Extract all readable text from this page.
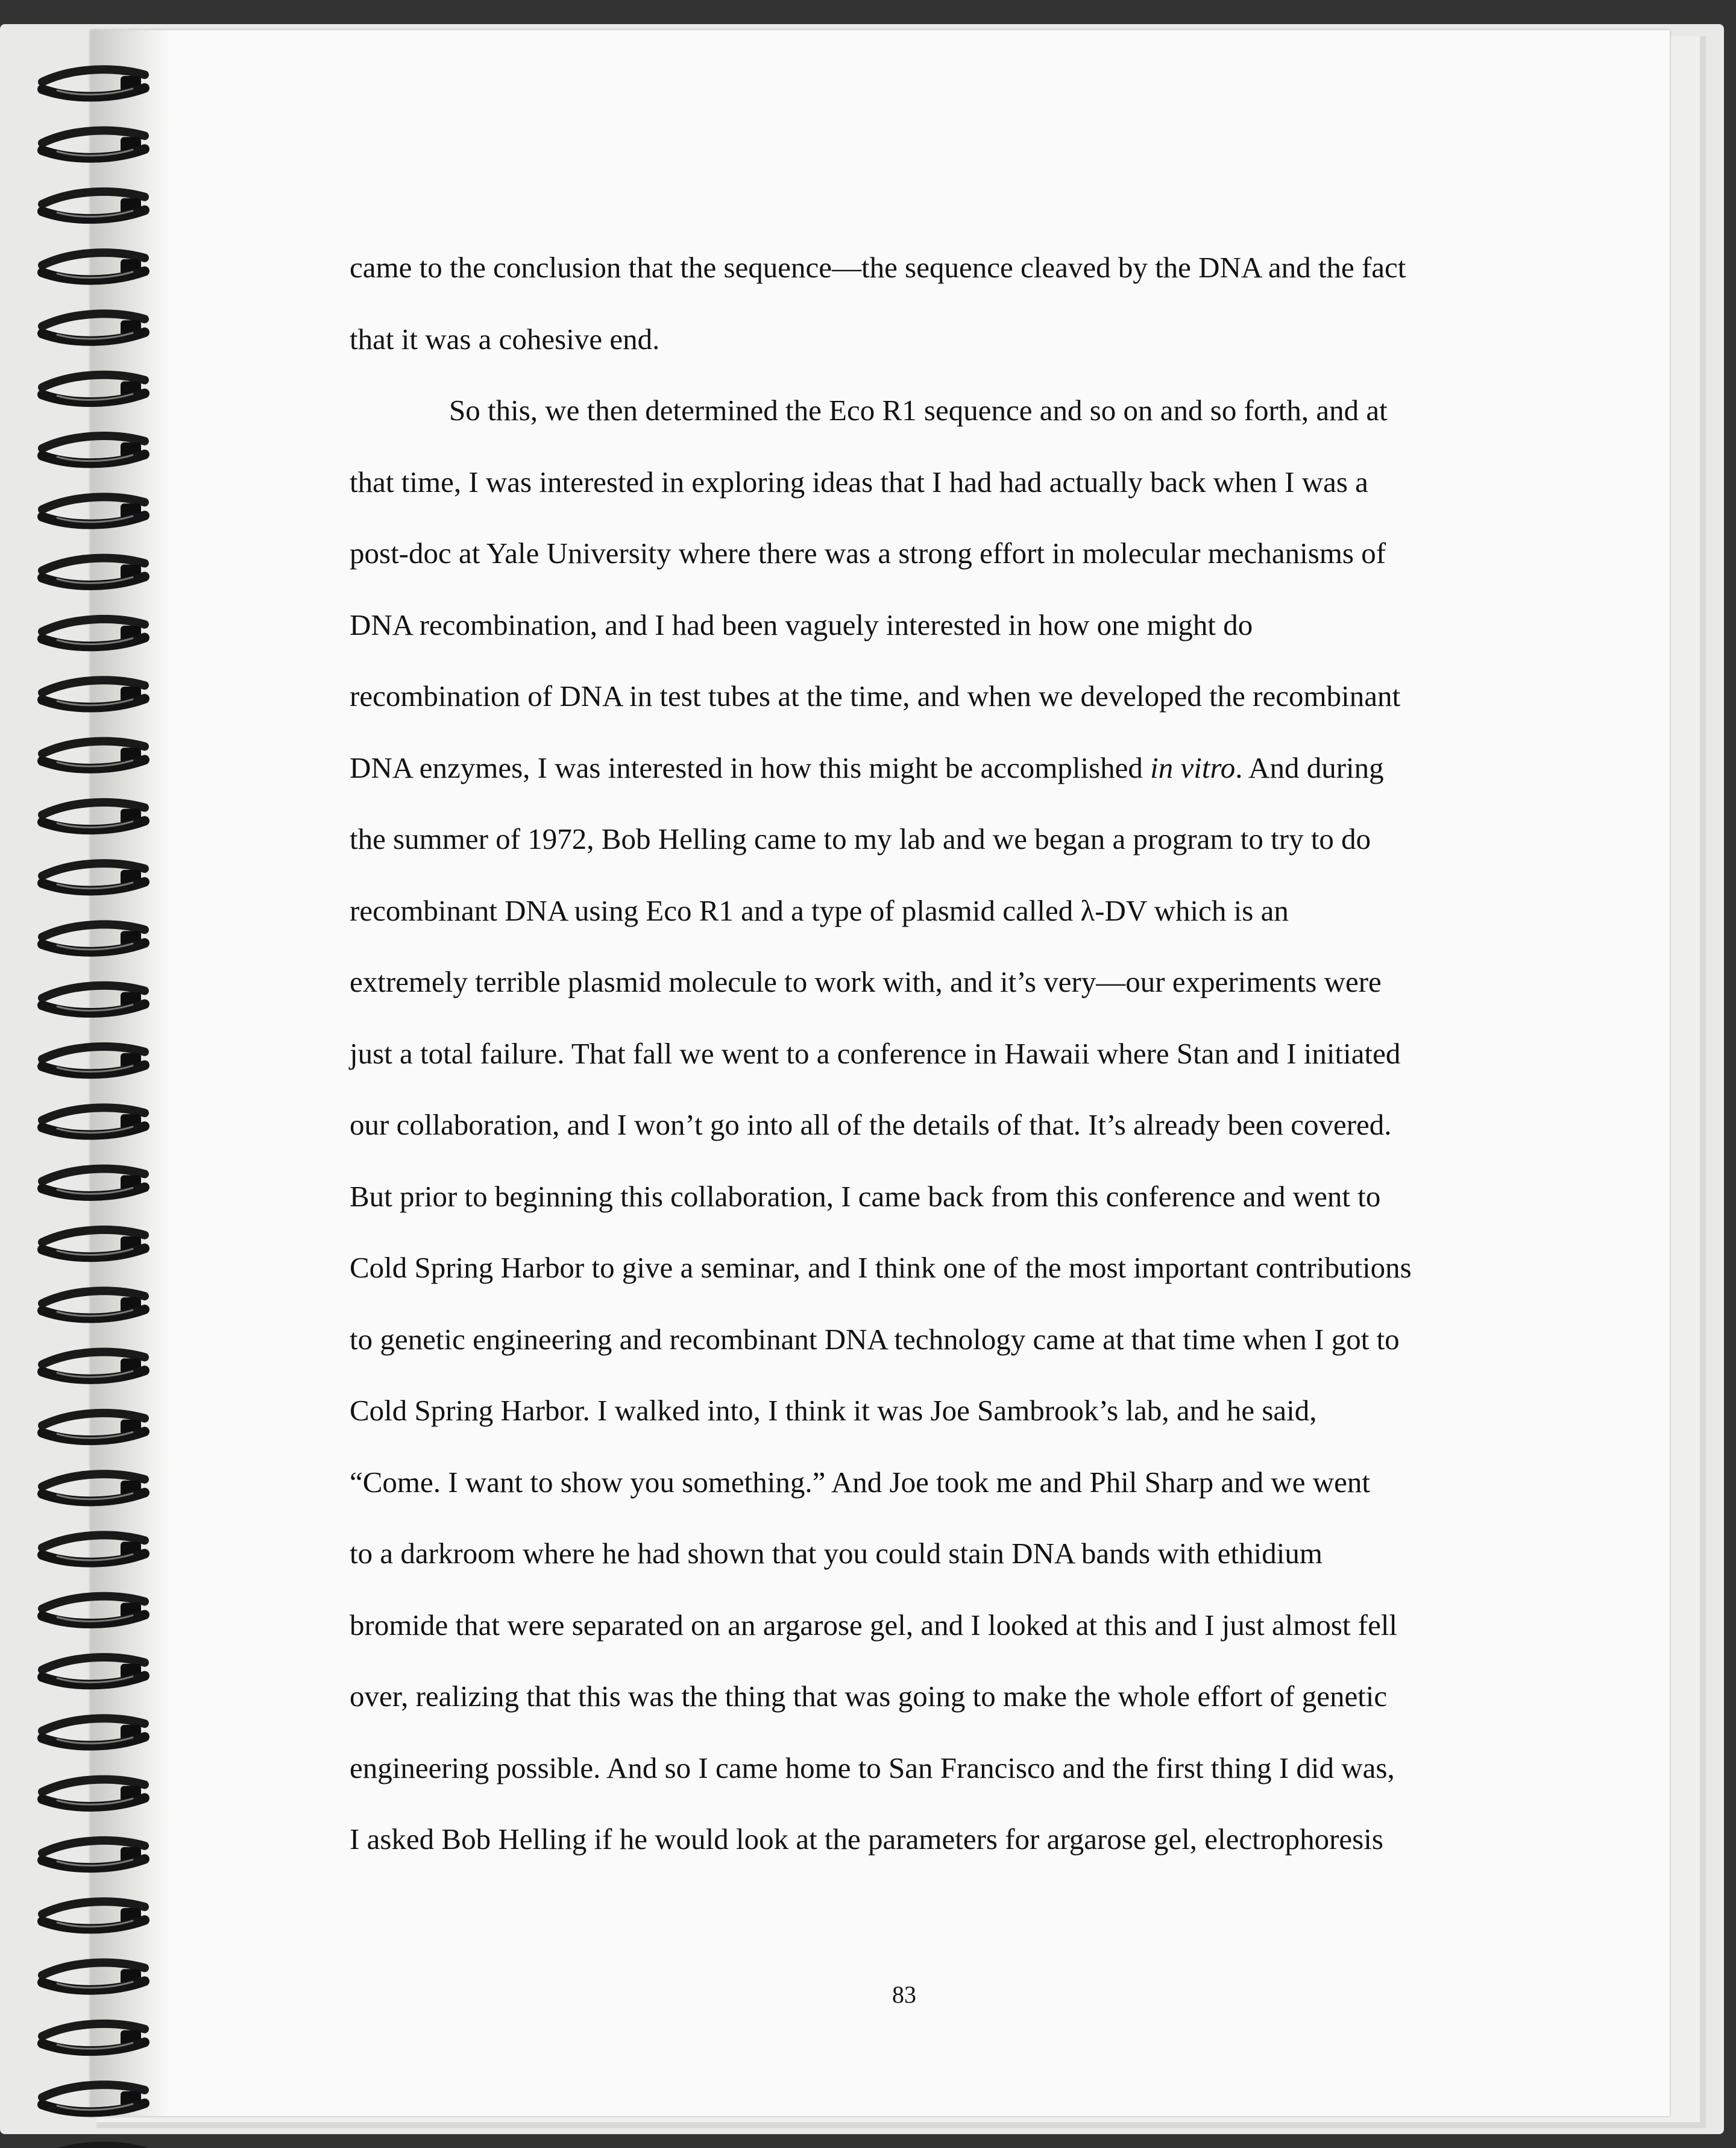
came to the conclusion that the sequence—the sequence cleaved by the DNA and the fact
that it was a cohesive end.
So this, we then determined the Eco R1 sequence and so on and so forth, and at
that time, I was interested in exploring ideas that I had had actually back when I was a
post-doc at Yale University where there was a strong effort in molecular mechanisms of
DNA recombination, and I had been vaguely interested in how one might do
recombination of DNA in test tubes at the time, and when we developed the recombinant
DNA enzymes, I was interested in how this might be accomplished in vitro. And during
the summer of 1972, Bob Helling came to my lab and we began a program to try to do
recombinant DNA using Eco R1 and a type of plasmid called λ-DV which is an
extremely terrible plasmid molecule to work with, and it’s very—our experiments were
just a total failure. That fall we went to a conference in Hawaii where Stan and I initiated
our collaboration, and I won’t go into all of the details of that. It’s already been covered.
But prior to beginning this collaboration, I came back from this conference and went to
Cold Spring Harbor to give a seminar, and I think one of the most important contributions
to genetic engineering and recombinant DNA technology came at that time when I got to
Cold Spring Harbor. I walked into, I think it was Joe Sambrook’s lab, and he said,
“Come. I want to show you something.” And Joe took me and Phil Sharp and we went
to a darkroom where he had shown that you could stain DNA bands with ethidium
bromide that were separated on an argarose gel, and I looked at this and I just almost fell
over, realizing that this was the thing that was going to make the whole effort of genetic
engineering possible. And so I came home to San Francisco and the first thing I did was,
I asked Bob Helling if he would look at the parameters for argarose gel, electrophoresis
83
